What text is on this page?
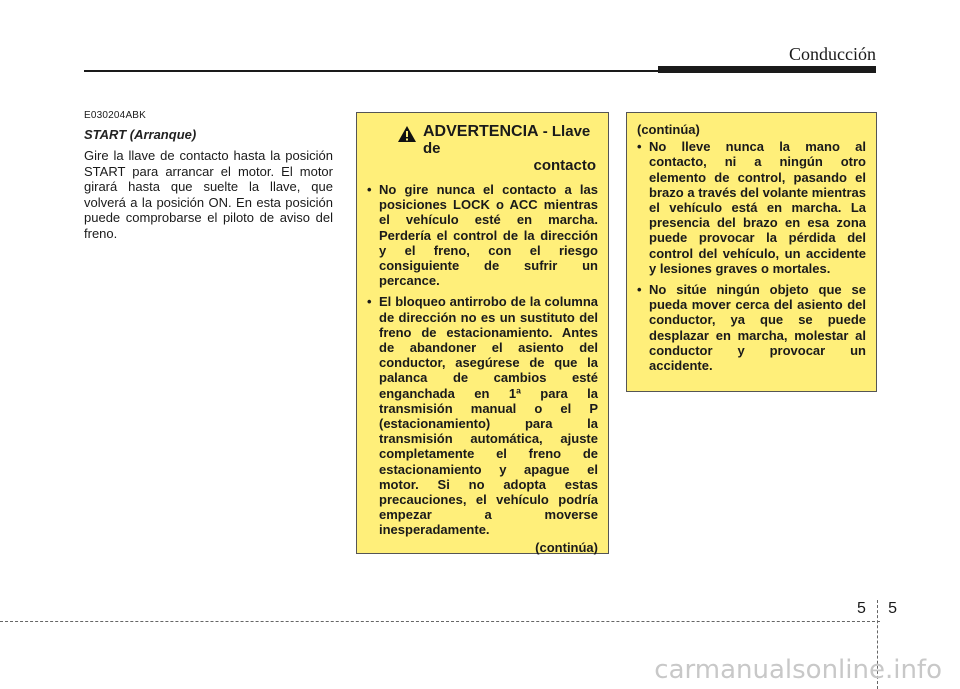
Conducción

E030204ABK

START (Arranque)

Gire la llave de contacto hasta la posición START para arrancar el motor. El motor girará hasta que suelte la llave, que volverá a la posición ON. En esta posición puede comprobarse el piloto de aviso del freno.

ADVERTENCIA - Llave de
contacto
• No gire nunca el contacto a las posiciones LOCK o ACC mientras el vehículo esté en marcha. Perdería el control de la dirección y el freno, con el riesgo consiguiente de sufrir un percance.
• El bloqueo antirrobo de la columna de dirección no es un sustituto del freno de estacionamiento. Antes de abandoner el asiento del conductor, asegúrese de que la palanca de cambios esté enganchada en 1ª para la transmisión manual o el P (estacionamiento) para la transmisión automática, ajuste completamente el freno de estacionamiento y apague el motor. Si no adopta estas precauciones, el vehículo podría empezar a moverse inesperadamente.
(continúa)

(continúa)

• No lleve nunca la mano al contacto, ni a ningún otro elemento de control, pasando el brazo a través del volante mientras el vehículo está en marcha. La presencia del brazo en esa zona puede provocar la pérdida del control del vehículo, un accidente y lesiones graves o mortales.
• No sitúe ningún objeto que se pueda mover cerca del asiento del conductor, ya que se puede desplazar en marcha, molestar al conductor y provocar un accidente.
5 5
carmanualsonline.info
